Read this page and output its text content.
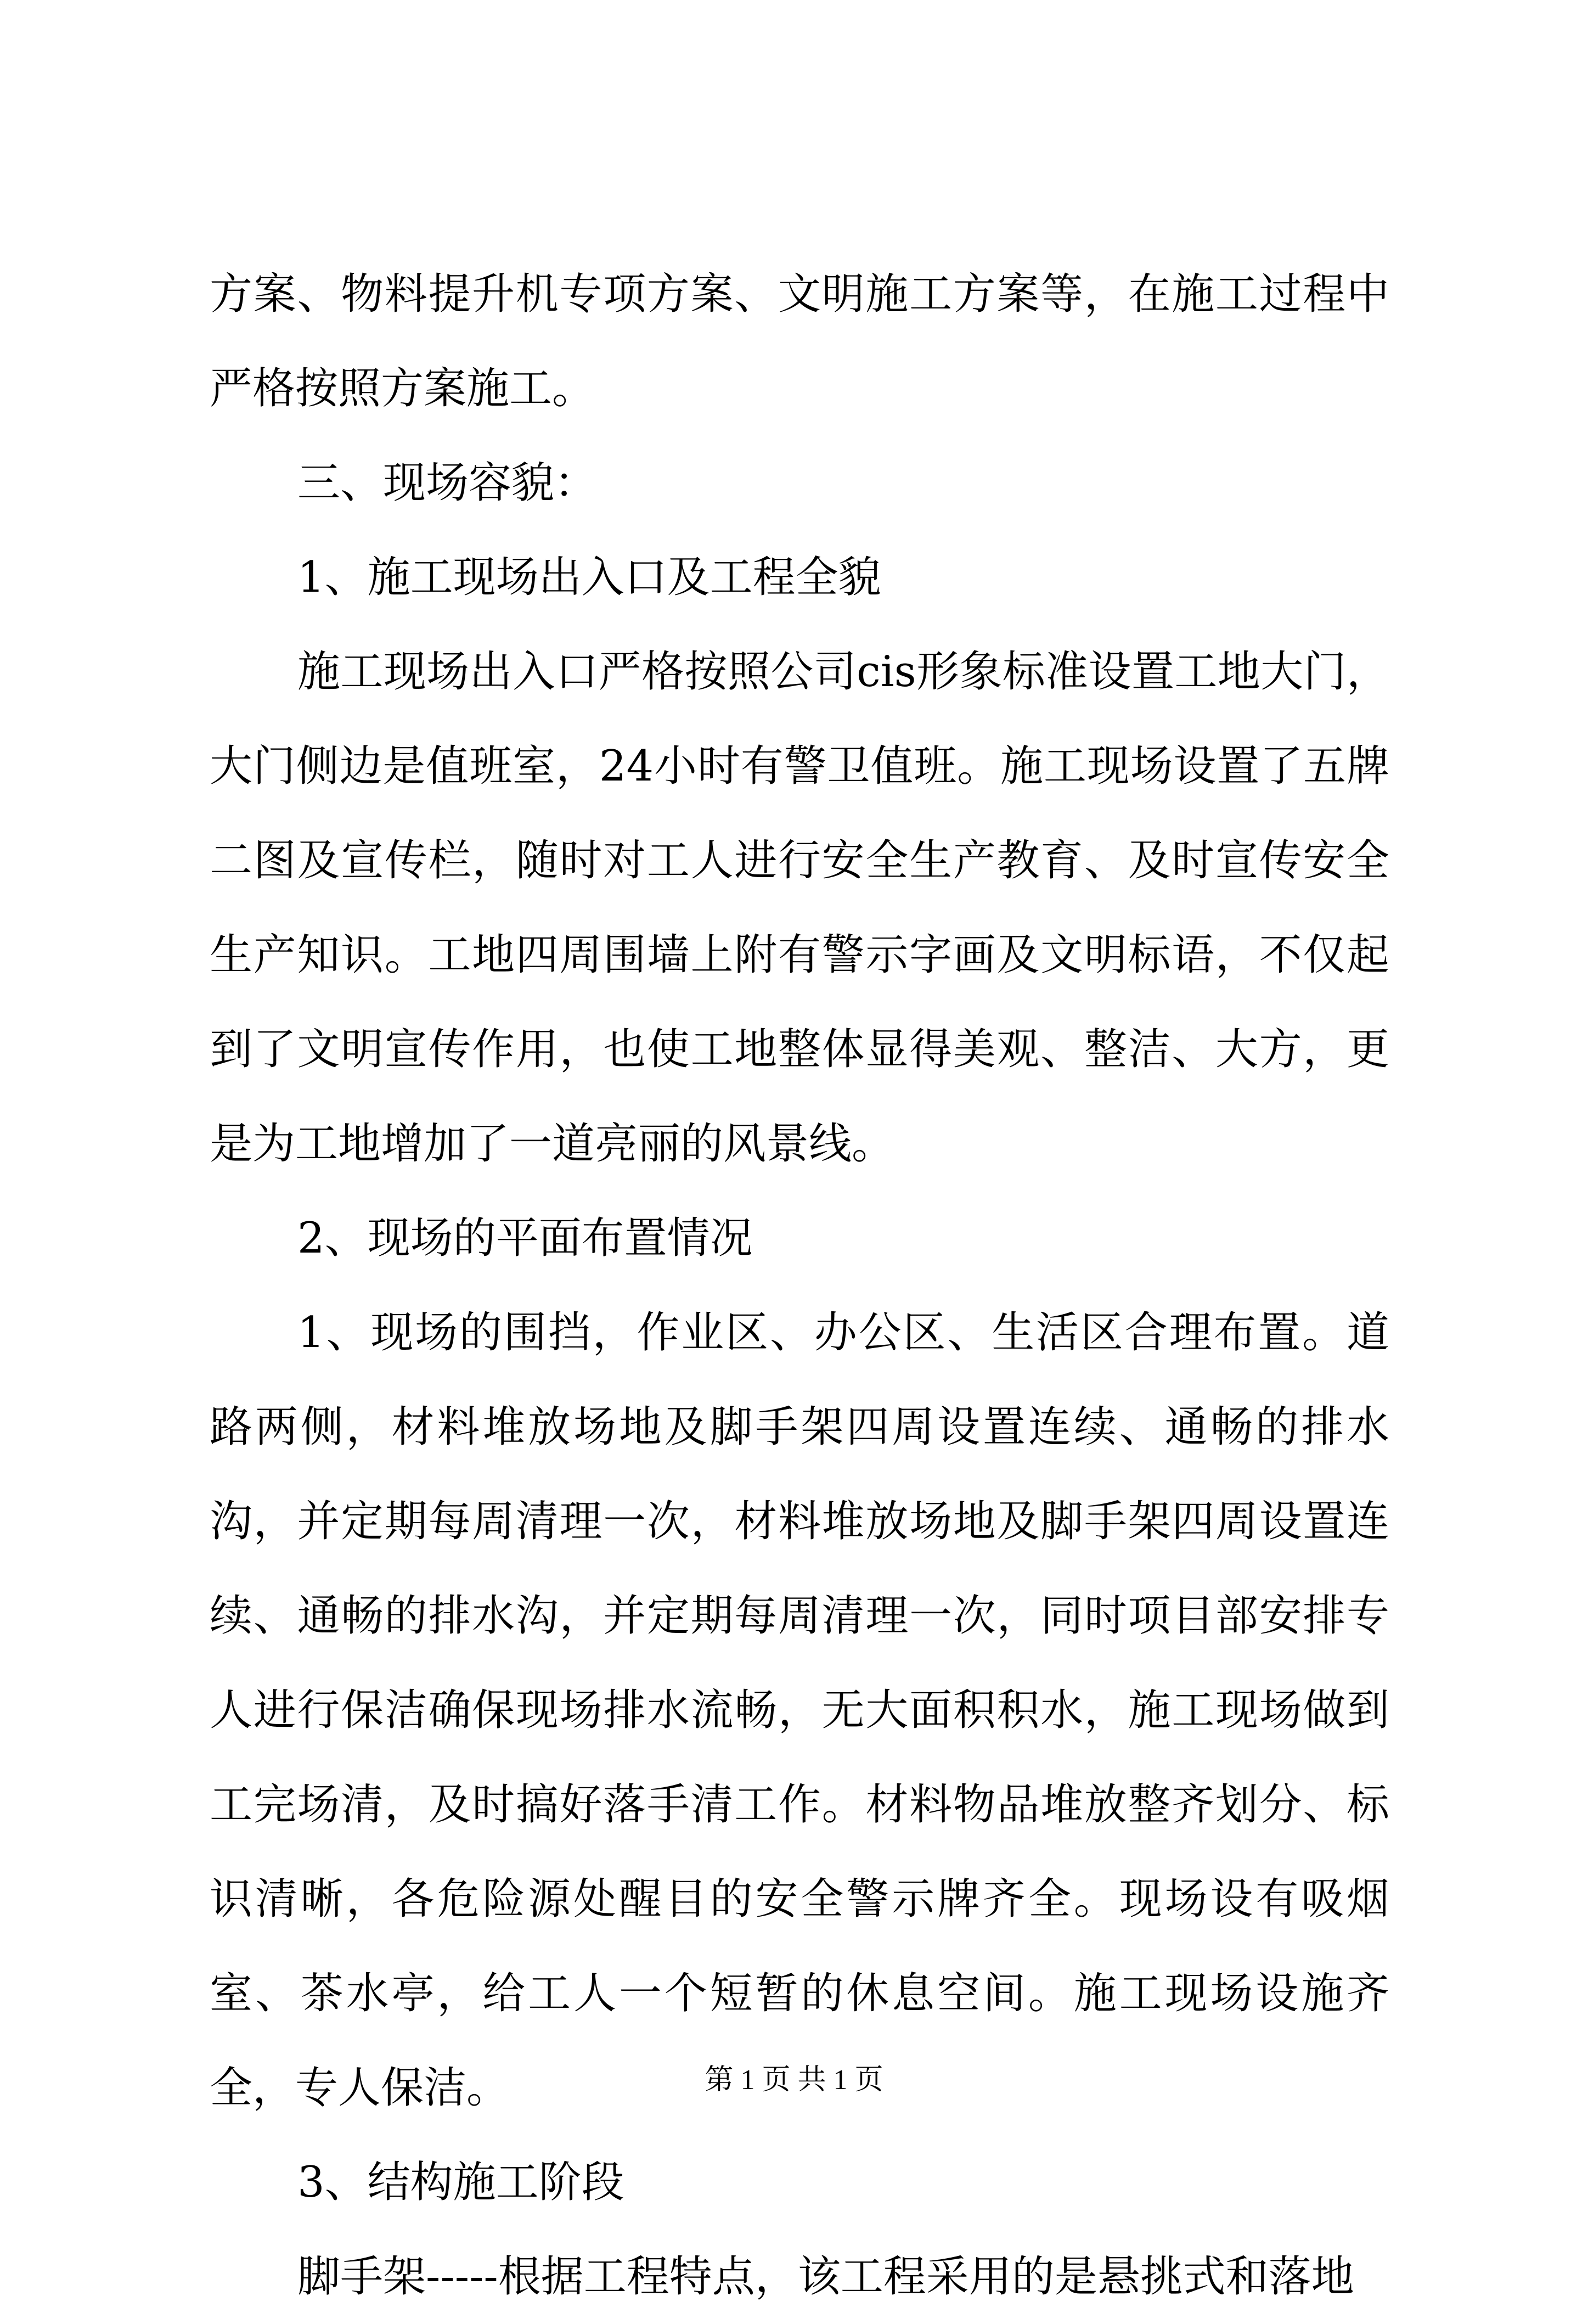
方案、物料提升机专项方案、文明施工方案等，在施工过程中严格按照方案施工。

三、现场容貌：

1、施工现场出入口及工程全貌

施工现场出入口严格按照公司cis形象标准设置工地大门，大门侧边是值班室，24小时有警卫值班。施工现场设置了五牌二图及宣传栏，随时对工人进行安全生产教育、及时宣传安全生产知识。工地四周围墙上附有警示字画及文明标语，不仅起到了文明宣传作用，也使工地整体显得美观、整洁、大方，更是为工地增加了一道亮丽的风景线。

2、现场的平面布置情况

1、现场的围挡，作业区、办公区、生活区合理布置。道路两侧，材料堆放场地及脚手架四周设置连续、通畅的排水沟，并定期每周清理一次，材料堆放场地及脚手架四周设置连续、通畅的排水沟，并定期每周清理一次，同时项目部安排专人进行保洁确保现场排水流畅，无大面积积水，施工现场做到工完场清，及时搞好落手清工作。材料物品堆放整齐划分、标识清晰，各危险源处醒目的安全警示牌齐全。现场设有吸烟室、茶水亭，给工人一个短暂的休息空间。施工现场设施齐全，专人保洁。

3、结构施工阶段

脚手架-----根据工程特点，该工程采用的是悬挑式和落地

第 1 页 共 1 页
